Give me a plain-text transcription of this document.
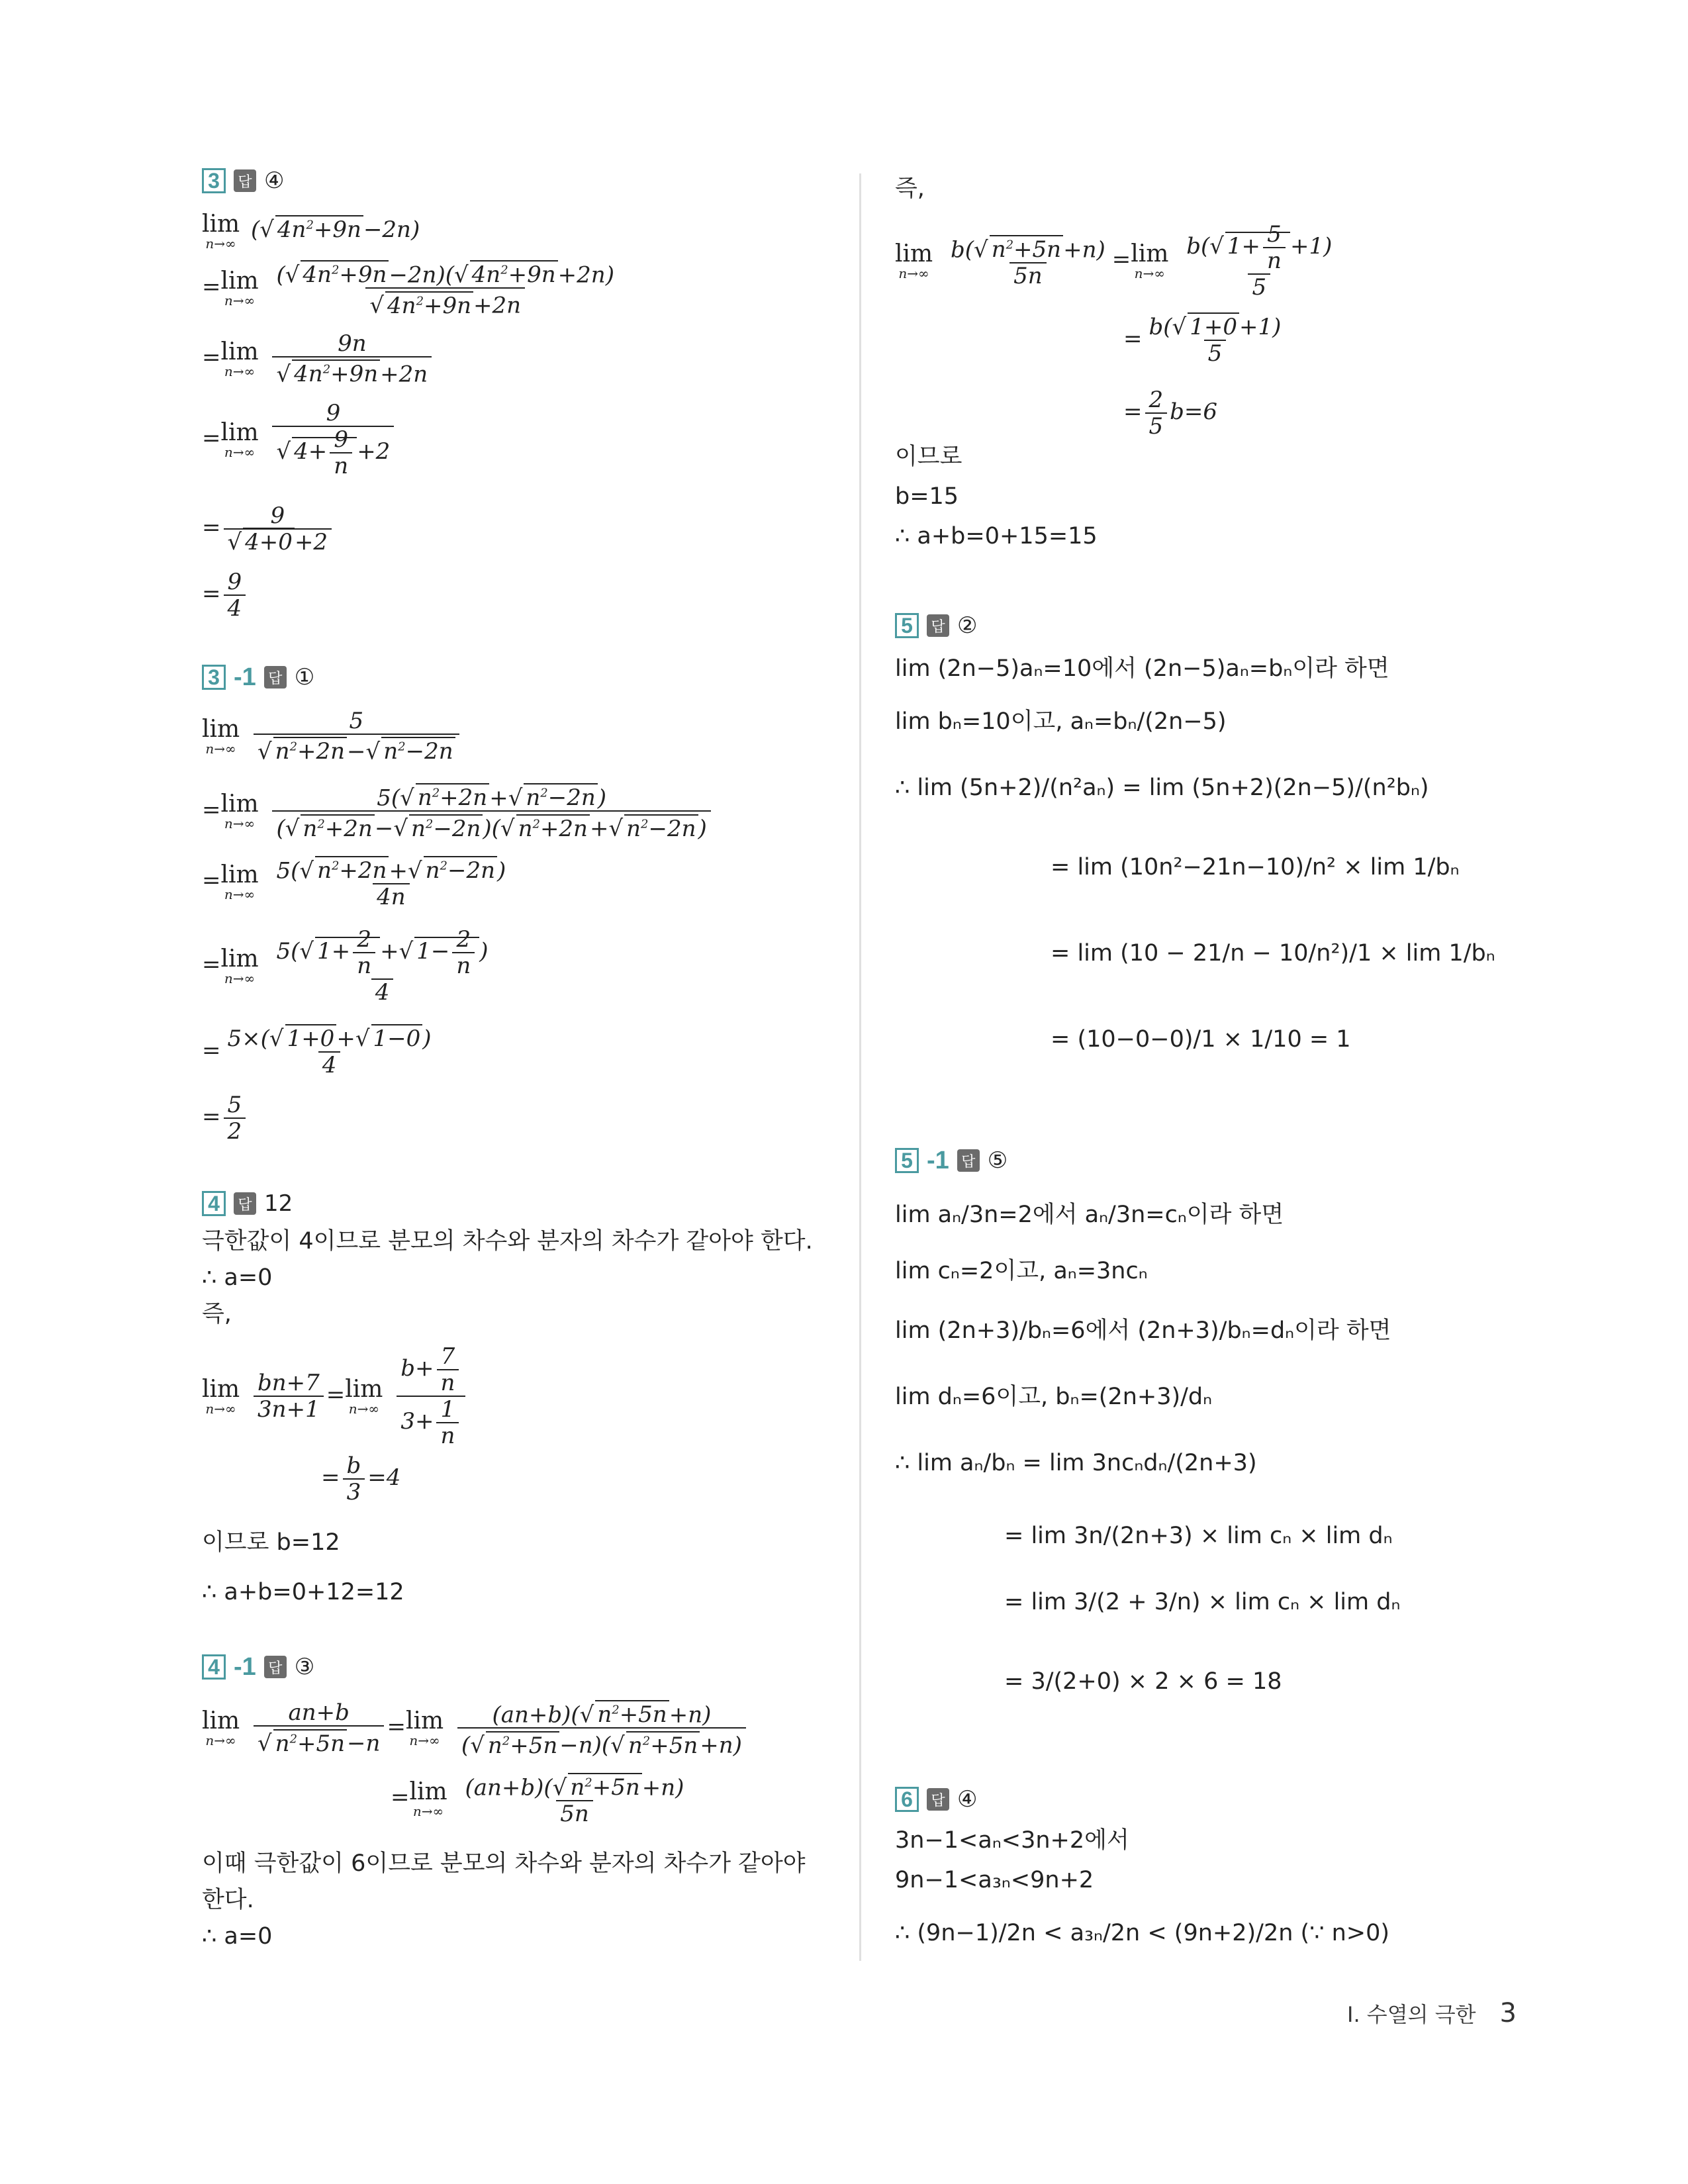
3	답 ④
lim
n→∞
(√ $4n^2+9n-2n$)
= lim
n→∞
$\frac{(√ 4n^2+9n-2n)(√ 4n^2+9n+2n)}{√ 4n^2+9n+2n}$
= lim
n→∞
$\frac{9n}{√ 4n^2+9n+2n}$
= lim
n→∞
$\frac{9}{√ 4+ \frac{9}{n} +2}$
= $\frac{9}{√ 4+0+2}$
= $\frac{9}{4}$
3 -1 답 ①
lim
n→∞
$\frac{5}{√ n^2+2n-√ n^2-2n}$
= lim
n→∞
$\frac{5(√ n^2+2n+√ n^2-2n)}{(√ n^2+2n-√ n^2-2n)(√ n^2+2n+√ n^2-2n)}$
= lim
n→∞
$\frac{5(√ n^2+2n+√ n^2-2n)}{4n}$
= lim
n→∞
$\frac{5(√ 1+ \frac{2}{n} +√ 1- \frac{2}{n} )}{4}$
= $\frac{5\times(√ 1+0+√ 1-0)}{4}$
= $\frac{5}{2}$
4	답 12
극한값이 4이므로 분모의 차수와 분자의 차수가 같아야 한다.
∴ a=0
즉,
lim
n→∞
$\frac{bn+7}{3n+1} = \lim$
n→∞
$\frac{b+ \frac{7}{n}}{3+ \frac{1}{n}}$
= $\frac{b}{3} =4$
이므로 b=12
∴ a+b=0+12=12
4 -1 답 ③
lim
n→∞
$\frac{an+b}{√ n^2+5n-n} = \lim$
n→∞
$\frac{(an+b)(√ n^2+5n+n)}{(√ n^2+5n-n)(√ n^2+5n+n)}$
= lim
n→∞
$\frac{(an+b)(√ n^2+5n+n)}{5n}$
이때 극한값이 6이므로 분모의 차수와 분자의 차수가 같아야
한다.
∴ a=0
즉,
lim
n→∞
$\frac{b(√ n^2+5n+n)}{5n} = \lim$
n→∞
$\frac{b(√ 1+ \frac{5}{n} +1)}{5}$
= $\frac{b(√ 1+0+1)}{5}$
= $\frac{2}{5} b=6$
이므로
b=15
∴ a+b=0+15=15
5	답 ②
lim (2n−5)aₙ=10에서 (2n−5)aₙ=bₙ이라 하면
lim bₙ=10이고, aₙ=bₙ/(2n−5)
∴ lim (5n+2)/(n²aₙ) = lim (5n+2)(2n−5)/(n²bₙ)
= lim (10n²−21n−10)/n² × lim 1/bₙ
= lim (10 − 21/n − 10/n²)/1 × lim 1/bₙ
= (10−0−0)/1 × 1/10 = 1
5 -1 답 ⑤
lim aₙ/3n=2에서 aₙ/3n=cₙ이라 하면
lim cₙ=2이고, aₙ=3ncₙ
lim (2n+3)/bₙ=6에서 (2n+3)/bₙ=dₙ이라 하면
lim dₙ=6이고, bₙ=(2n+3)/dₙ
∴ lim aₙ/bₙ = lim 3ncₙdₙ/(2n+3)
= lim 3n/(2n+3) × lim cₙ × lim dₙ
= lim 3/(2 + 3/n) × lim cₙ × lim dₙ
= 3/(2+0) × 2 × 6 = 18
6	답 ④
3n−1<aₙ<3n+2에서
9n−1<a₃ₙ<9n+2
∴ (9n−1)/2n < a₃ₙ/2n < (9n+2)/2n (∵ n>0)
I. 수열의 극한 3
